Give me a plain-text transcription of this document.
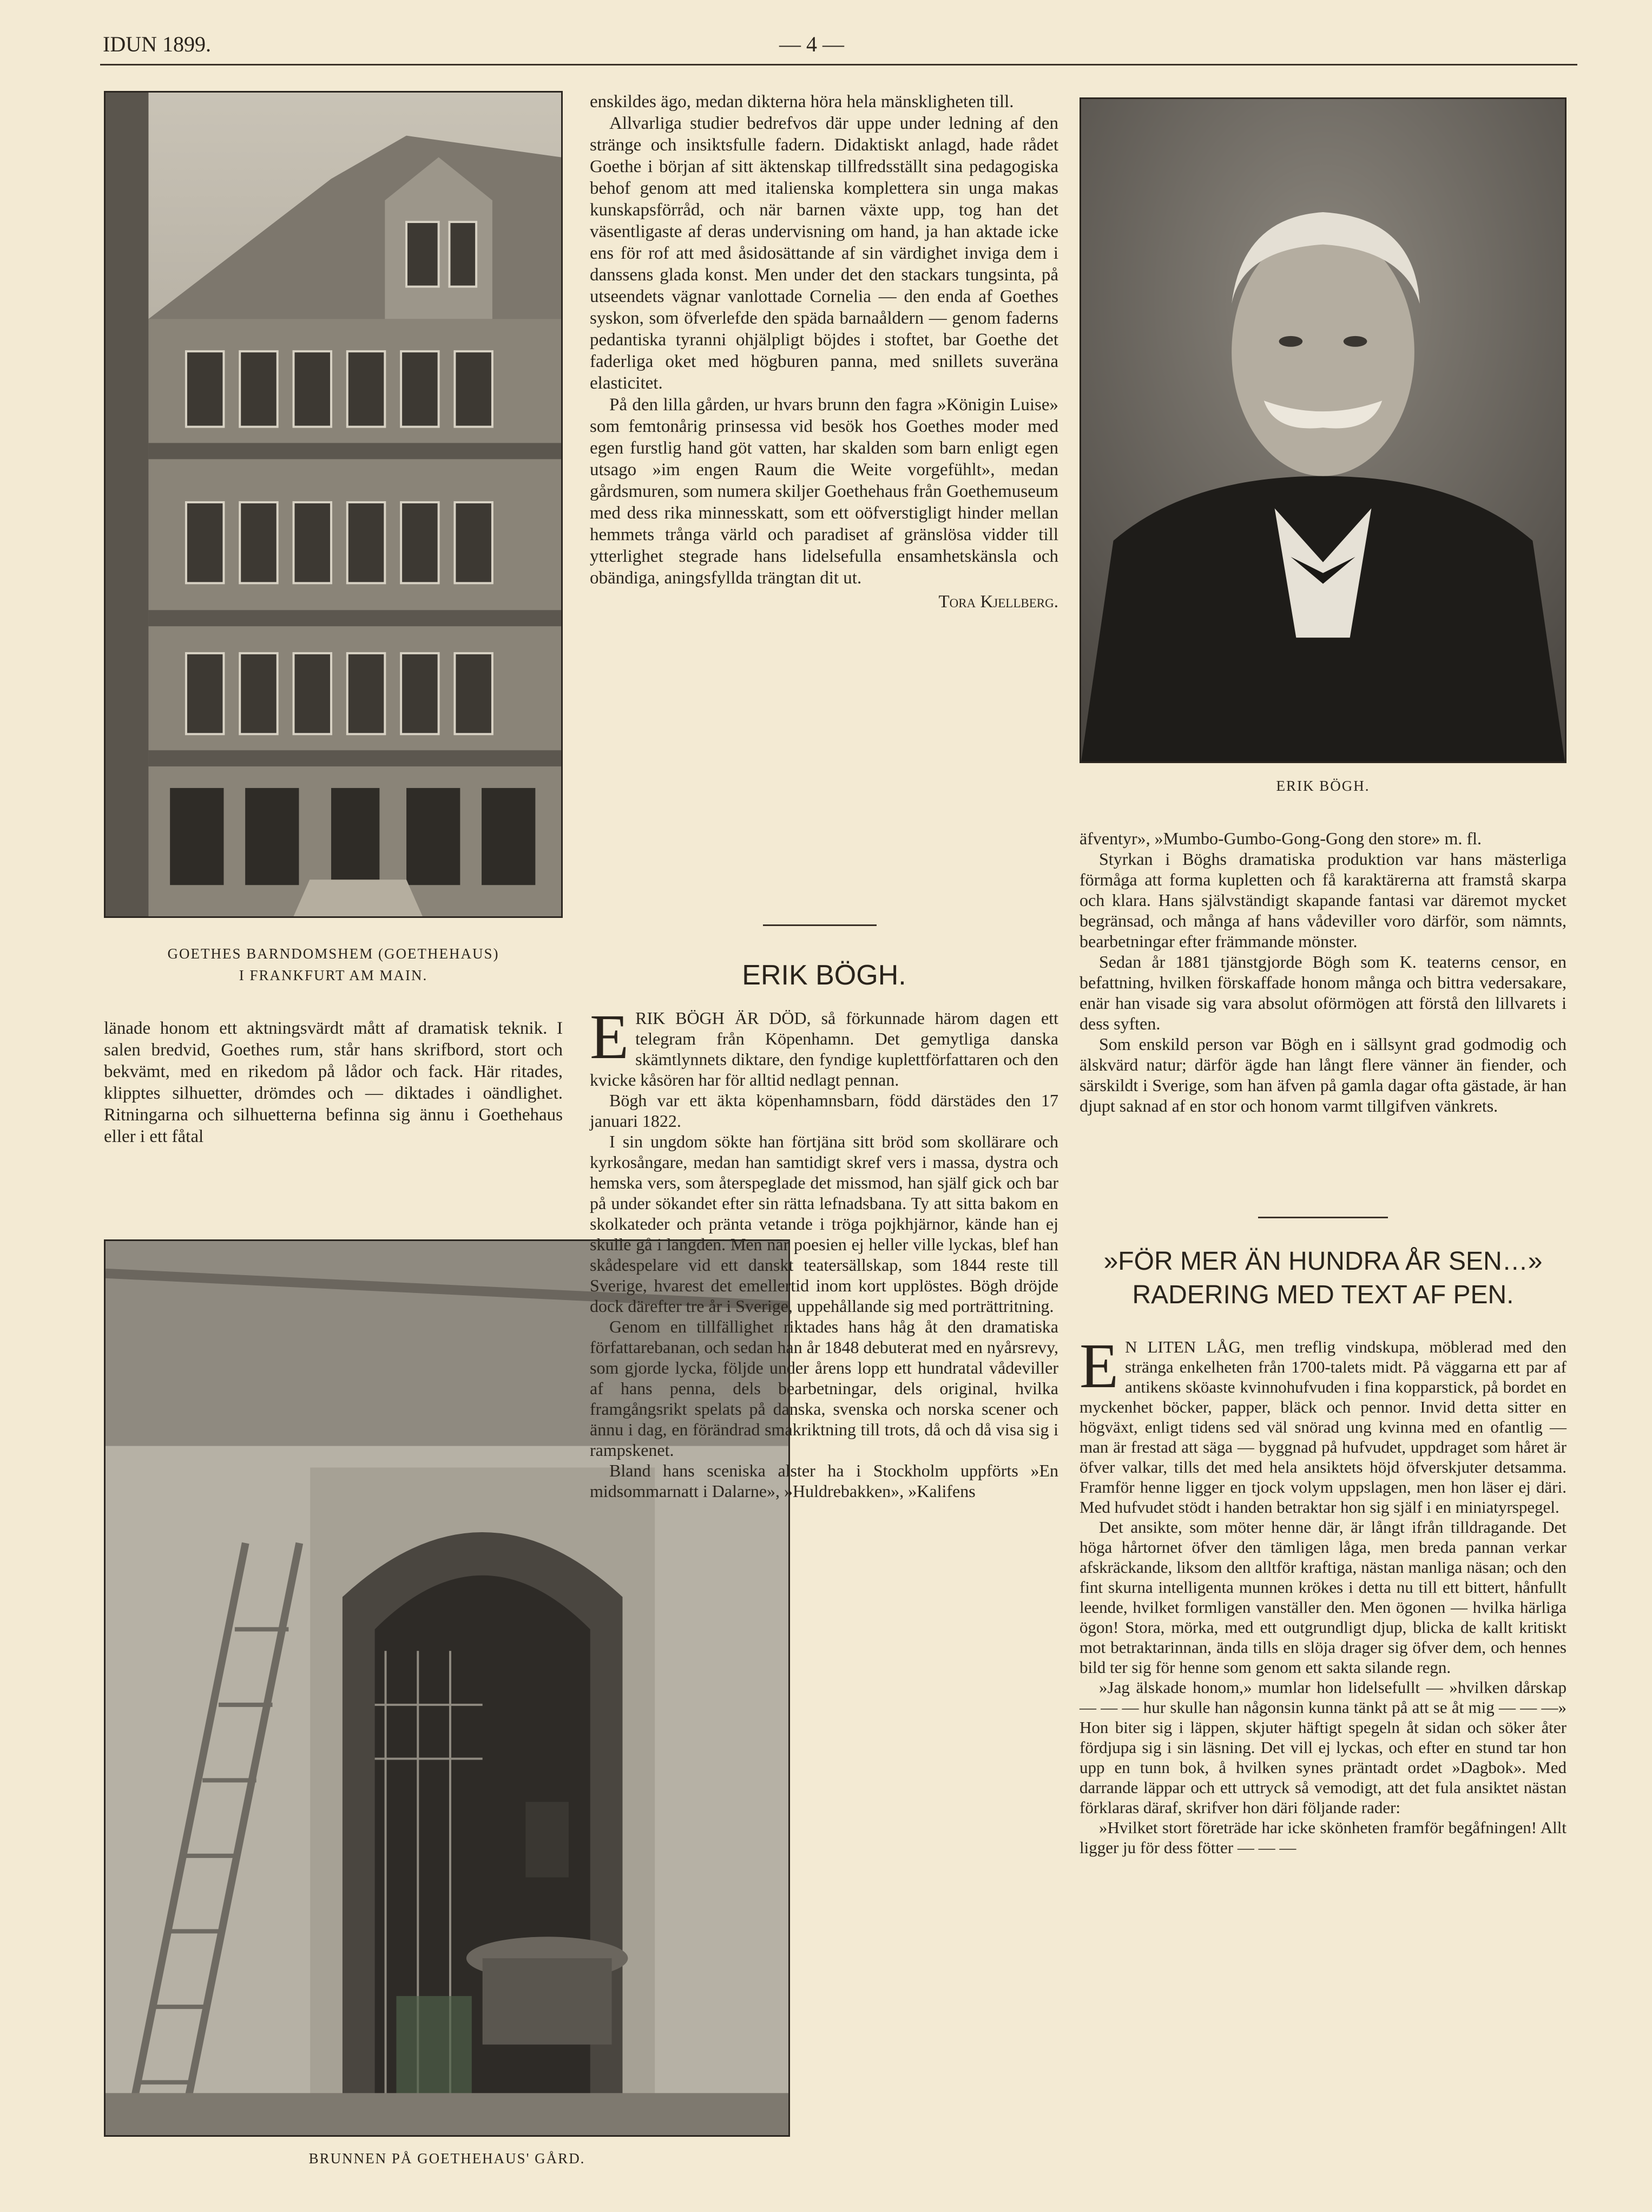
IDUN 1899.	— 4 —
GOETHES BARNDOMSHEM (GOETHEHAUS)
I FRANKFURT AM MAIN.

länade honom ett aktningsvärdt mått af dramatisk teknik. I salen bredvid, Goethes rum, står hans skrifbord, stort och bekvämt, med en rikedom på lådor och fack. Här ritades, klipptes silhuetter, drömdes och — diktades i oändlighet. Ritningarna och silhuetterna befinna sig ännu i Goethehaus eller i ett fåtal

BRUNNEN PÅ GOETHEHAUS' GÅRD.

enskildes ägo, medan dikterna höra hela mänskligheten till.

Allvarliga studier bedrefvos där uppe under ledning af den stränge och insiktsfulle fadern. Didaktiskt anlagd, hade rådet Goethe i början af sitt äktenskap tillfredsställt sina pedagogiska behof genom att med italienska komplettera sin unga makas kunskapsförråd, och när barnen växte upp, tog han det väsentligaste af deras undervisning om hand, ja han aktade icke ens för rof att med åsidosättande af sin värdighet inviga dem i danssens glada konst. Men under det den stackars tungsinta, på utseendets vägnar vanlottade Cornelia — den enda af Goethes syskon, som öfverlefde den späda barnaåldern — genom faderns pedantiska tyranni ohjälpligt böjdes i stoftet, bar Goethe det faderliga oket med högburen panna, med snillets suveräna elasticitet.

På den lilla gården, ur hvars brunn den fagra »Königin Luise» som femtonårig prinsessa vid besök hos Goethes moder med egen furstlig hand göt vatten, har skalden som barn enligt egen utsago »im engen Raum die Weite vorgefühlt», medan gårdsmuren, som numera skiljer Goethehaus från Goethemuseum med dess rika minnesskatt, som ett oöfverstigligt hinder mellan hemmets trånga värld och paradiset af gränslösa vidder till ytterlighet stegrade hans lidelsefulla ensamhetskänsla och obändiga, aningsfyllda trängtan dit ut.

Tora Kjellberg.
ERIK BÖGH.
ERIK BÖGH.

ERIK BÖGH ÄR DÖD, så förkunnade härom dagen ett telegram från Köpenhamn. Det gemytliga danska skämtlynnets diktare, den fyndige kuplettförfattaren och den kvicke kåsören har för alltid nedlagt pennan.

Bögh var ett äkta köpenhamnsbarn, född därstädes den 17 januari 1822.

I sin ungdom sökte han förtjäna sitt bröd som skollärare och kyrkosångare, medan han samtidigt skref vers i massa, dystra och hemska vers, som återspeglade det missmod, han själf gick och bar på under sökandet efter sin rätta lefnadsbana. Ty att sitta bakom en skolkateder och pränta vetande i tröga pojkhjärnor, kände han ej skulle gå i längden. Men när poesien ej heller ville lyckas, blef han skådespelare vid ett danskt teatersällskap, som 1844 reste till Sverige, hvarest det emellertid inom kort upplöstes. Bögh dröjde dock därefter tre år i Sverige, uppehållande sig med porträttritning.

Genom en tillfällighet riktades hans håg åt den dramatiska författarebanan, och sedan han år 1848 debuterat med en nyårsrevy, som gjorde lycka, följde under årens lopp ett hundratal vådeviller af hans penna, dels bearbetningar, dels original, hvilka framgångsrikt spelats på danska, svenska och norska scener och ännu i dag, en förändrad smakriktning till trots, då och då visa sig i rampskenet.

Bland hans sceniska alster ha i Stockholm uppförts »En midsommarnatt i Dalarne», »Huldrebakken», »Kalifens

äfventyr», »Mumbo-Gumbo-Gong-Gong den store» m. fl.

Styrkan i Böghs dramatiska produktion var hans mästerliga förmåga att forma kupletten och få karaktärerna att framstå skarpa och klara. Hans självständigt skapande fantasi var däremot mycket begränsad, och många af hans vådeviller voro därför, som nämnts, bearbetningar efter främmande mönster.

Sedan år 1881 tjänstgjorde Bögh som K. teaterns censor, en befattning, hvilken förskaffade honom många och bittra vedersakare, enär han visade sig vara absolut oförmögen att förstå den lillvarets i dess syften.

Som enskild person var Bögh en i sällsynt grad godmodig och älskvärd natur; därför ägde han långt flere vänner än fiender, och särskildt i Sverige, som han äfven på gamla dagar ofta gästade, är han djupt saknad af en stor och honom varmt tillgifven vänkrets.

»FÖR MER ÄN HUNDRA ÅR SEN…»
RADERING MED TEXT AF PEN.

E N LITEN LÅG, men treflig vindskupa, möblerad med den stränga enkelheten från 1700-talets midt. På väggarna ett par af antikens sköaste kvinnohufvuden i fina kopparstick, på bordet en myckenhet böcker, papper, bläck och pennor. Invid detta sitter en högväxt, enligt tidens sed väl snörad ung kvinna med en ofantlig — man är frestad att säga — byggnad på hufvudet, uppdraget som håret är öfver valkar, tills det med hela ansiktets höjd öfverskjuter detsamma. Framför henne ligger en tjock volym uppslagen, men hon läser ej däri. Med hufvudet stödt i handen betraktar hon sig själf i en miniatyrspegel.

Det ansikte, som möter henne där, är långt ifrån tilldragande. Det höga hårtornet öfver den tämligen låga, men breda pannan verkar afskräckande, liksom den alltför kraftiga, nästan manliga näsan; och den fint skurna intelligenta munnen krökes i detta nu till ett bittert, hånfullt leende, hvilket formligen vanställer den. Men ögonen — hvilka härliga ögon! Stora, mörka, med ett outgrundligt djup, blicka de kallt kritiskt mot betraktarinnan, ända tills en slöja drager sig öfver dem, och hennes bild ter sig för henne som genom ett sakta silande regn.

»Jag älskade honom,» mumlar hon lidelsefullt — »hvilken dårskap — — — hur skulle han någonsin kunna tänkt på att se åt mig — — —» Hon biter sig i läppen, skjuter häftigt spegeln åt sidan och söker åter fördjupa sig i sin läsning. Det vill ej lyckas, och efter en stund tar hon upp en tunn bok, å hvilken synes präntadt ordet »Dagbok». Med darrande läppar och ett uttryck så vemodigt, att det fula ansiktet nästan förklaras däraf, skrifver hon däri följande rader:

»Hvilket stort företräde har icke skönheten framför begåfningen! Allt ligger ju för dess fötter — — —
